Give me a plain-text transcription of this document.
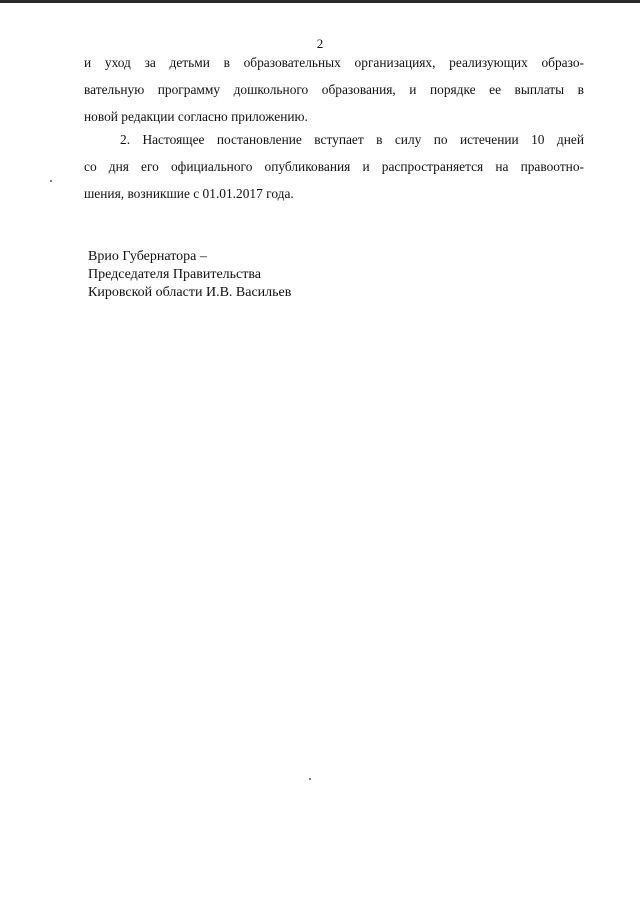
2
и уход за детьми в образовательных организациях, реализующих образо-
вательную программу дошкольного образования, и порядке ее выплаты в
новой редакции согласно приложению.
2. Настоящее постановление вступает в силу по истечении 10 дней
со дня его официального опубликования и распространяется на правоотно-
шения, возникшие с 01.01.2017 года.
Врио Губернатора –
Председателя Правительства
Кировской области И.В. Васильев
